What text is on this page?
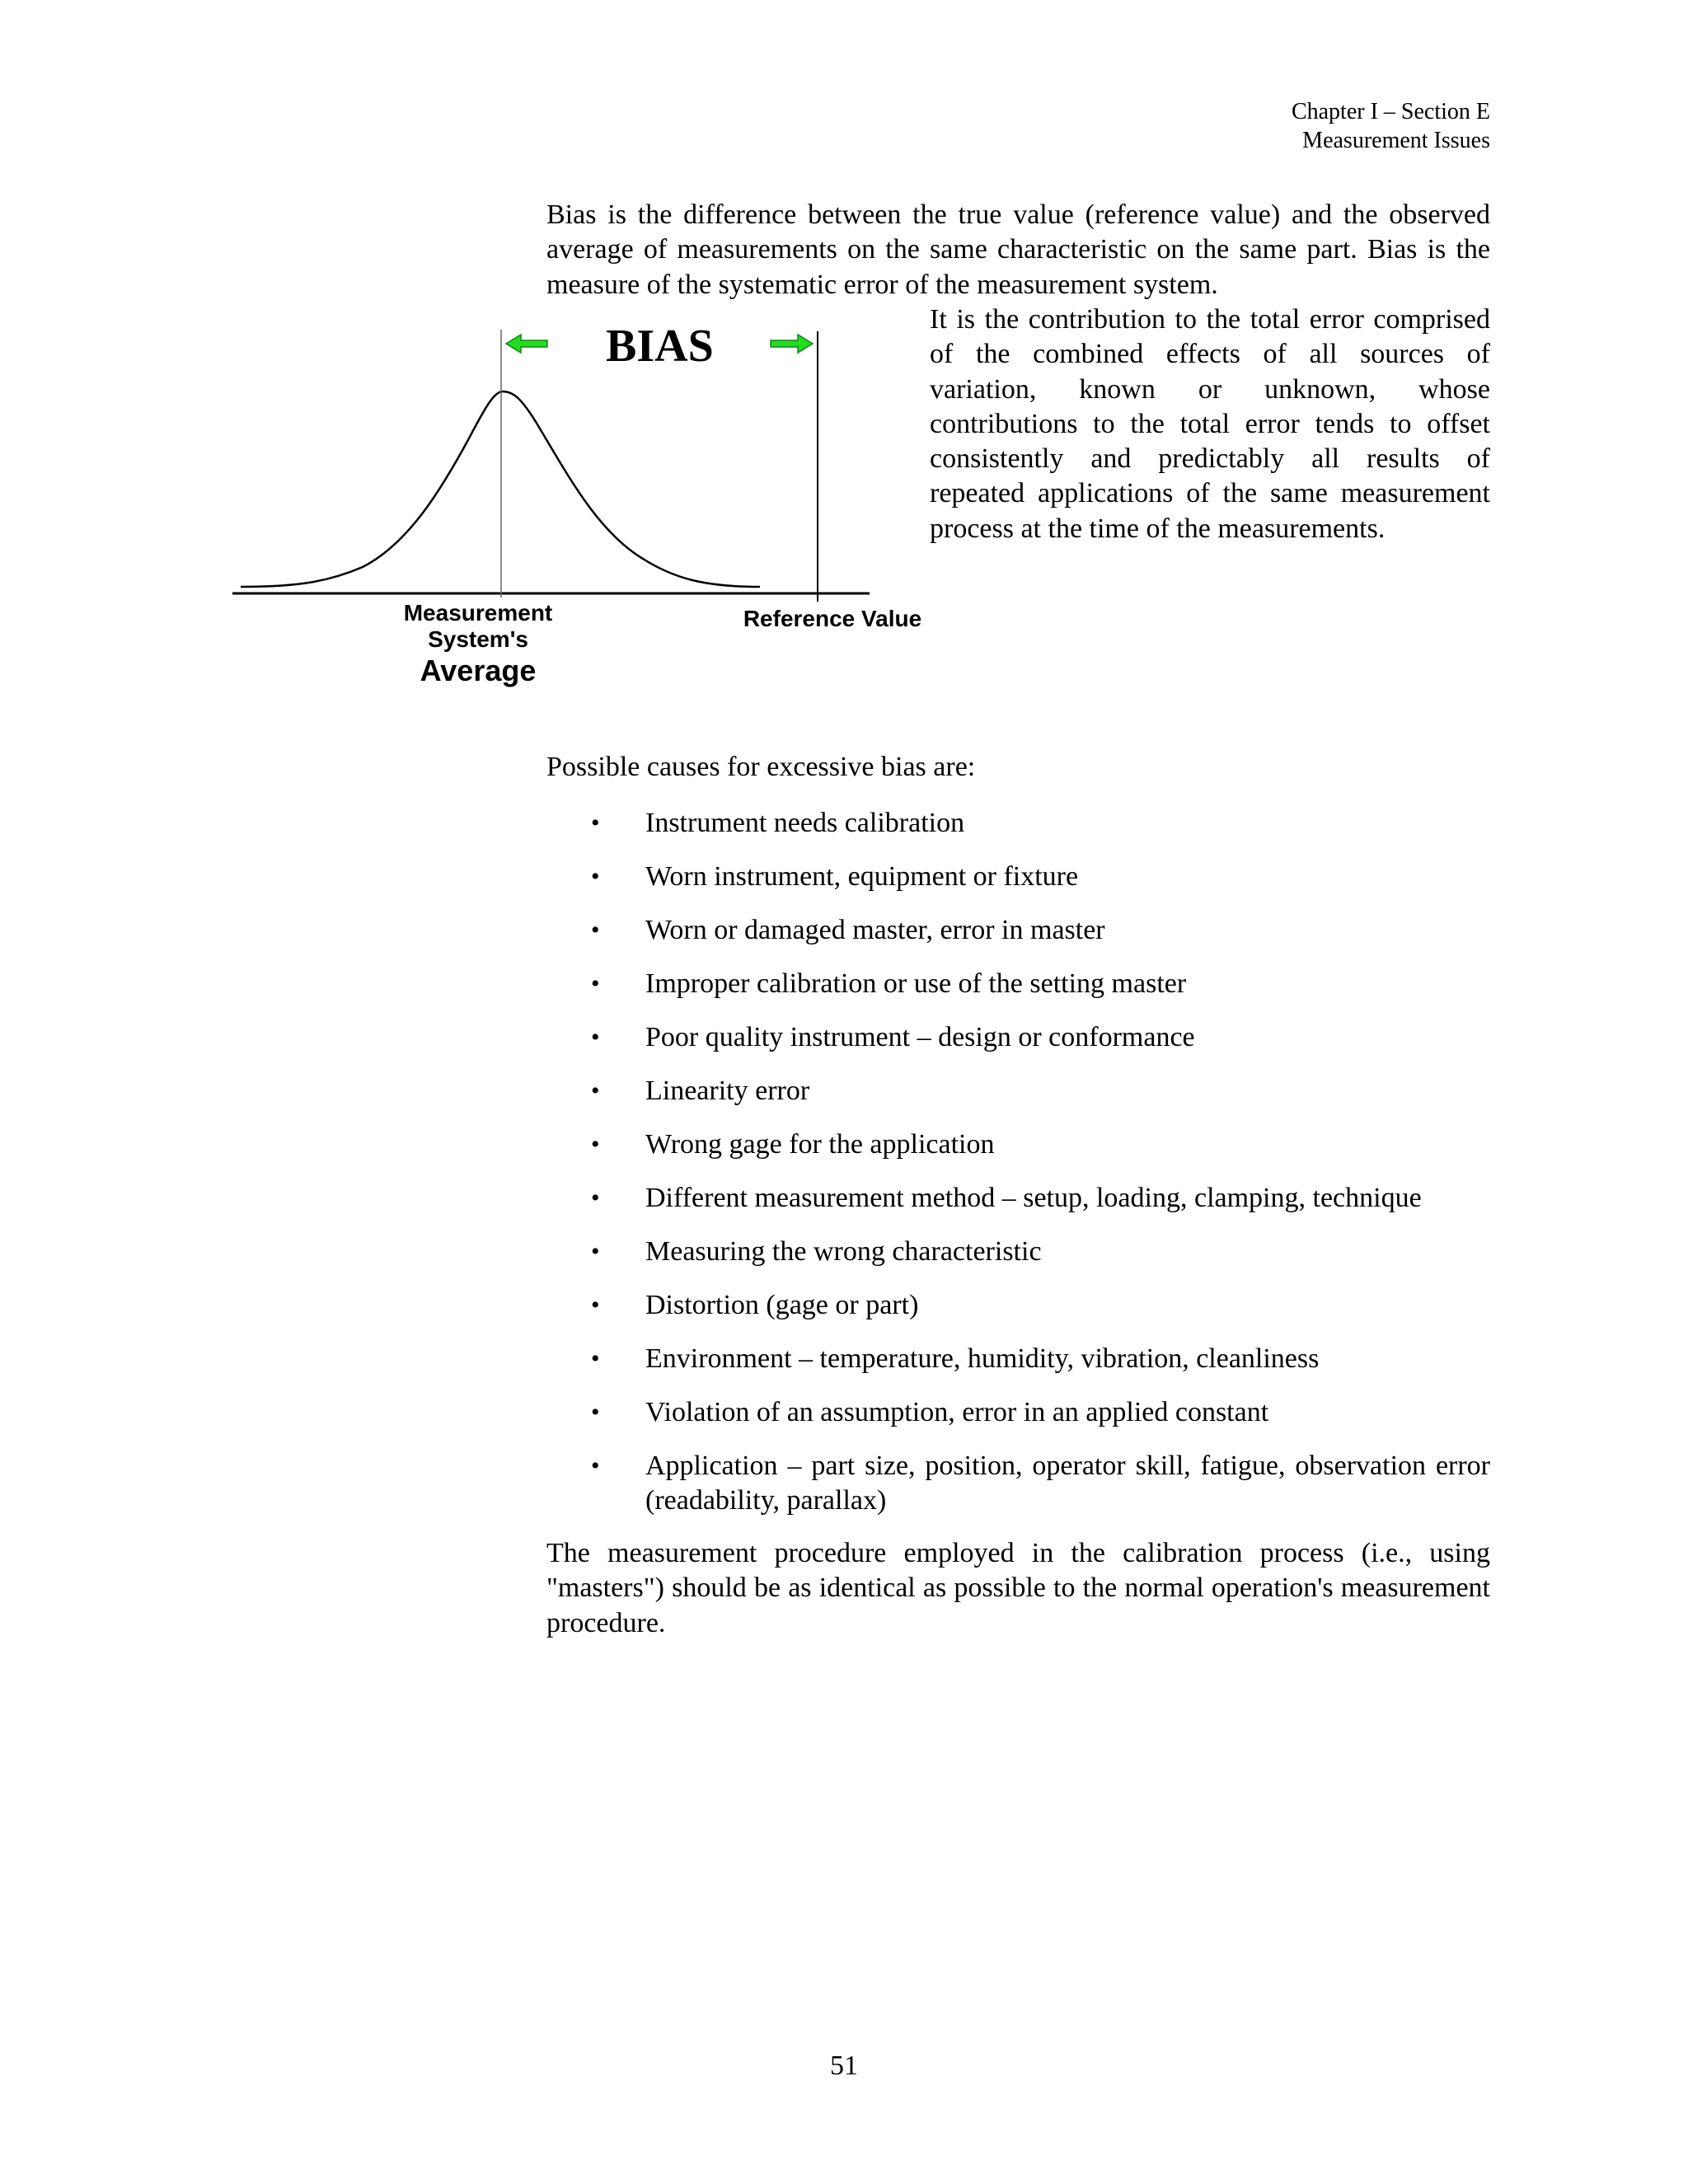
Chapter I – Section E
Measurement Issues

Bias is the difference between the true value (reference value) and the observed average of measurements on the same characteristic on the same part. Bias is the measure of the systematic error of the measurement system.

It is the contribution to the total error comprised of the combined effects of all sources of variation, known or unknown, whose contributions to the total error tends to offset consistently and predictably all results of repeated applications of the same measurement process at the time of the measurements.

BIAS
Measurement System's
Average
Reference Value

Possible causes for excessive bias are:

• Instrument needs calibration
• Worn instrument, equipment or fixture
• Worn or damaged master, error in master
• Improper calibration or use of the setting master
• Poor quality instrument – design or conformance
• Linearity error
• Wrong gage for the application
• Different measurement method – setup, loading, clamping, technique
• Measuring the wrong characteristic
• Distortion (gage or part)
• Environment – temperature, humidity, vibration, cleanliness
• Violation of an assumption, error in an applied constant
• Application – part size, position, operator skill, fatigue, observation error (readability, parallax)

The measurement procedure employed in the calibration process (i.e., using "masters") should be as identical as possible to the normal operation's measurement procedure.

51
